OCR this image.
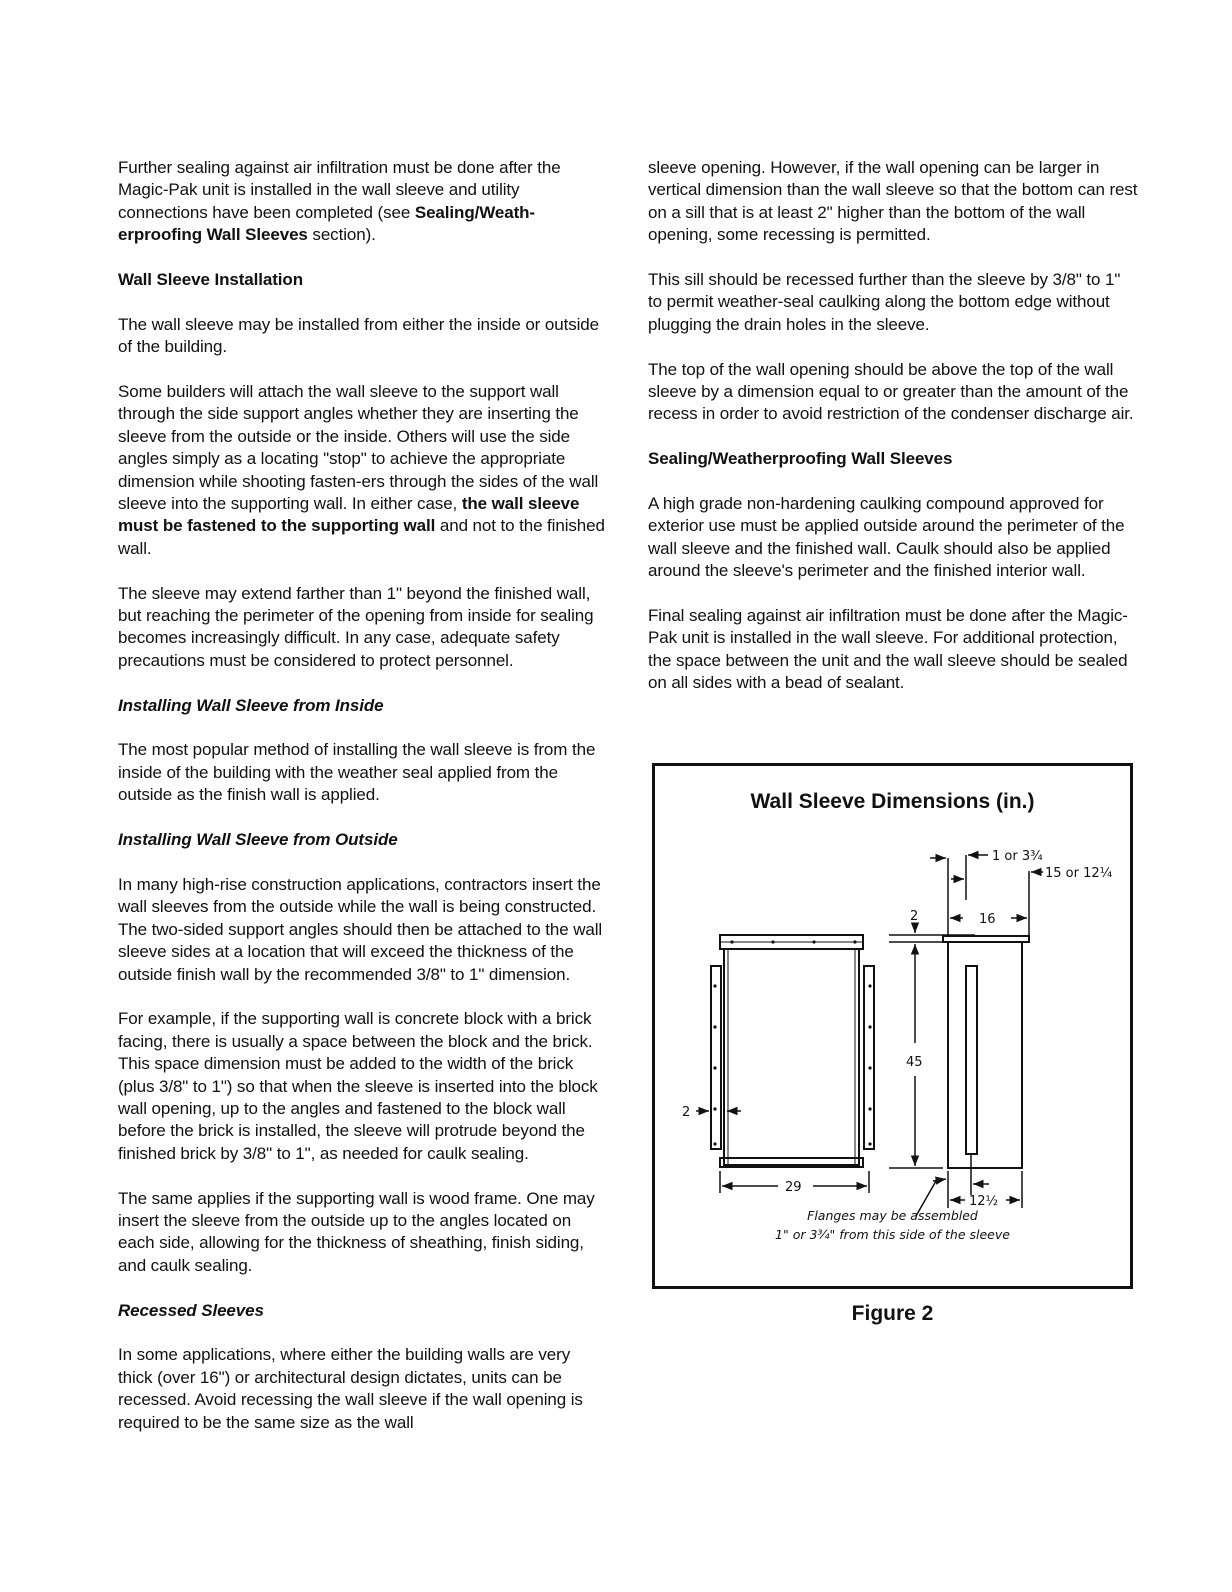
Further sealing against air infiltration must be done after the Magic-Pak unit is installed in the wall sleeve and utility connections have been completed (see Sealing/Weath-erproofing Wall Sleeves section).

Wall Sleeve Installation

The wall sleeve may be installed from either the inside or outside of the building.

Some builders will attach the wall sleeve to the support wall through the side support angles whether they are inserting the sleeve from the outside or the inside. Others will use the side angles simply as a locating "stop" to achieve the appropriate dimension while shooting fasten-ers through the sides of the wall sleeve into the supporting wall. In either case, the wall sleeve must be fastened to the supporting wall and not to the finished wall.

The sleeve may extend farther than 1" beyond the finished wall, but reaching the perimeter of the opening from inside for sealing becomes increasingly difficult. In any case, adequate safety precautions must be considered to protect personnel.

Installing Wall Sleeve from Inside

The most popular method of installing the wall sleeve is from the inside of the building with the weather seal applied from the outside as the finish wall is applied.

Installing Wall Sleeve from Outside

In many high-rise construction applications, contractors insert the wall sleeves from the outside while the wall is being constructed. The two-sided support angles should then be attached to the wall sleeve sides at a location that will exceed the thickness of the outside finish wall by the recommended 3/8" to 1" dimension.

For example, if the supporting wall is concrete block with a brick facing, there is usually a space between the block and the brick. This space dimension must be added to the width of the brick (plus 3/8" to 1") so that when the sleeve is inserted into the block wall opening, up to the angles and fastened to the block wall before the brick is installed, the sleeve will protrude beyond the finished brick by 3/8" to 1", as needed for caulk sealing.

The same applies if the supporting wall is wood frame. One may insert the sleeve from the outside up to the angles located on each side, allowing for the thickness of sheathing, finish siding, and caulk sealing.

Recessed Sleeves

In some applications, where either the building walls are very thick (over 16") or architectural design dictates, units can be recessed. Avoid recessing the wall sleeve if the wall opening is required to be the same size as the wall

sleeve opening. However, if the wall opening can be larger in vertical dimension than the wall sleeve so that the bottom can rest on a sill that is at least 2" higher than the bottom of the wall opening, some recessing is permitted.

This sill should be recessed further than the sleeve by 3/8" to 1" to permit weather-seal caulking along the bottom edge without plugging the drain holes in the sleeve.

The top of the wall opening should be above the top of the wall sleeve by a dimension equal to or greater than the amount of the recess in order to avoid restriction of the condenser discharge air.

Sealing/Weatherproofing Wall Sleeves

A high grade non-hardening caulking compound approved for exterior use must be applied outside around the perimeter of the wall sleeve and the finished wall. Caulk should also be applied around the sleeve's perimeter and the finished interior wall.

Final sealing against air infiltration must be done after the Magic-Pak unit is installed in the wall sleeve. For additional protection, the space between the unit and the wall sleeve should be sealed on all sides with a bead of sealant.

Wall Sleeve Dimensions (in.)
1 or 3¾
15 or 12¼
16
2
45
2
29
12½
Flanges may be assembled
1" or 3¾" from this side of the sleeve
Figure 2
